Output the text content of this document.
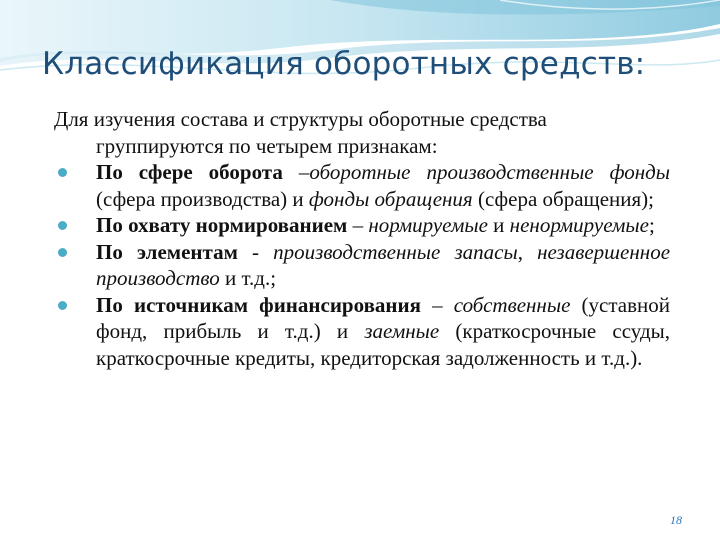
Классификация оборотных средств:

Для изучения состава и структуры оборотные средства группируются по четырем признакам:

По сфере оборота –оборотные производственные фонды (сфера производства) и фонды обращения (сфера обращения);
По охвату нормированием – нормируемые и ненормируемые;
По элементам - производственные запасы, незавершенное производство и т.д.;
По источникам финансирования – собственные (уставной фонд, прибыль и т.д.) и заемные (краткосрочные ссуды, краткосрочные кредиты, кредиторская задолженность и т.д.).
18
